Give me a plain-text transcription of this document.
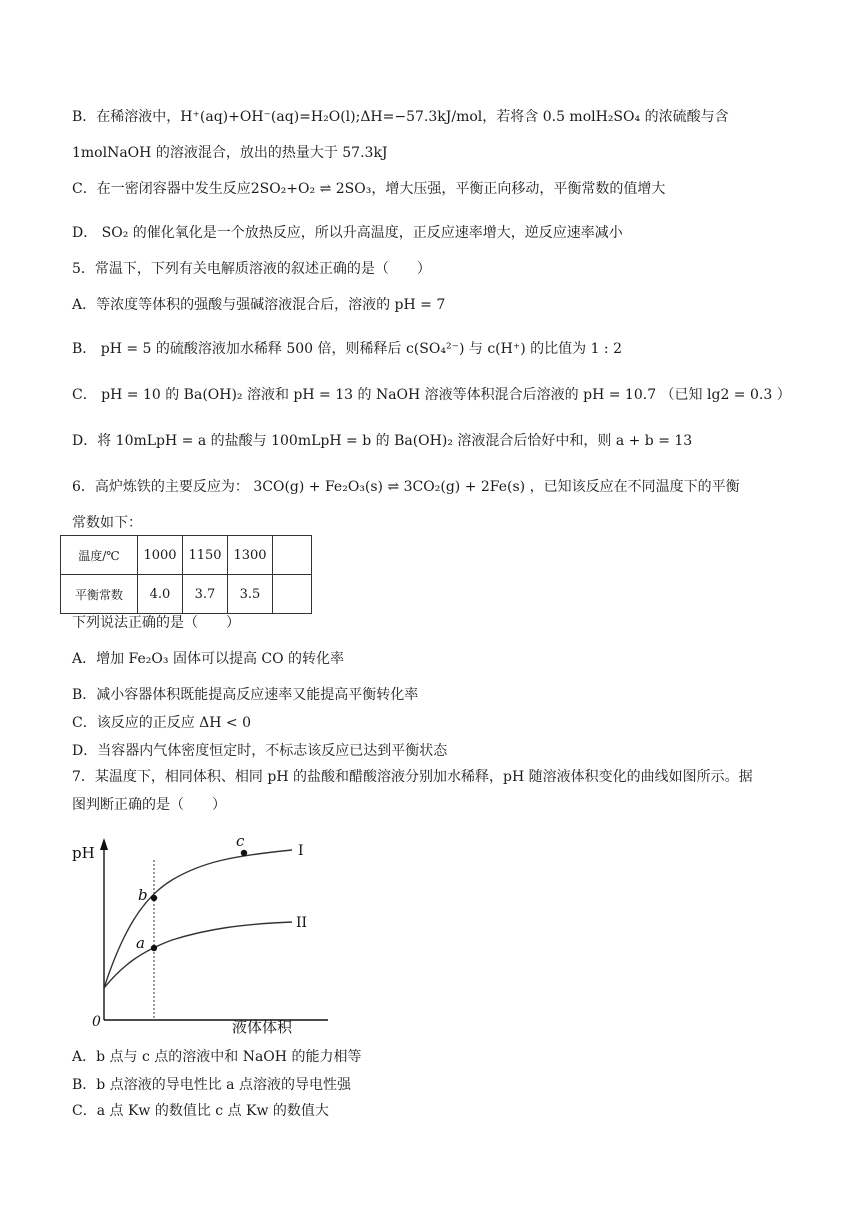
B．在稀溶液中，H⁺(aq)+OH⁻(aq)=H₂O(l);ΔH=−57.3kJ/mol，若将含 0.5 molH₂SO₄ 的浓硫酸与含
1molNaOH 的溶液混合，放出的热量大于 57.3kJ
C．在一密闭容器中发生反应2SO₂+O₂ ⇌ 2SO₃，增大压强，平衡正向移动，平衡常数的值增大
D． SO₂ 的催化氧化是一个放热反应，所以升高温度，正反应速率增大，逆反应速率减小
5．常温下，下列有关电解质溶液的叙述正确的是（　　）
A．等浓度等体积的强酸与强碱溶液混合后，溶液的 pH = 7
B． pH = 5 的硫酸溶液加水稀释 500 倍，则稀释后 c(SO₄²⁻) 与 c(H⁺) 的比值为 1 : 2
C． pH = 10 的 Ba(OH)₂ 溶液和 pH = 13 的 NaOH 溶液等体积混合后溶液的 pH = 10.7 （已知 lg2 = 0.3 ）
D．将 10mLpH = a 的盐酸与 100mLpH = b 的 Ba(OH)₂ 溶液混合后恰好中和，则 a + b = 13
6．高炉炼铁的主要反应为： 3CO(g) + Fe₂O₃(s) ⇌ 3CO₂(g) + 2Fe(s) ，已知该反应在不同温度下的平衡
常数如下：
温度/℃	1000	1150	1300	
平衡常数	4.0	3.7	3.5	
下列说法正确的是（　　）
A．增加 Fe₂O₃ 固体可以提高 CO 的转化率
B．减小容器体积既能提高反应速率又能提高平衡转化率
C．该反应的正反应 ΔH < 0
D．当容器内气体密度恒定时，不标志该反应已达到平衡状态
7．某温度下，相同体积、相同 pH 的盐酸和醋酸溶液分别加水稀释，pH 随溶液体积变化的曲线如图所示。据
图判断正确的是（　　）
pH
0	液体体积
I
II
b
a
c
A．b 点与 c 点的溶液中和 NaOH 的能力相等
B．b 点溶液的导电性比 a 点溶液的导电性强
C．a 点 Kw 的数值比 c 点 Kw 的数值大
